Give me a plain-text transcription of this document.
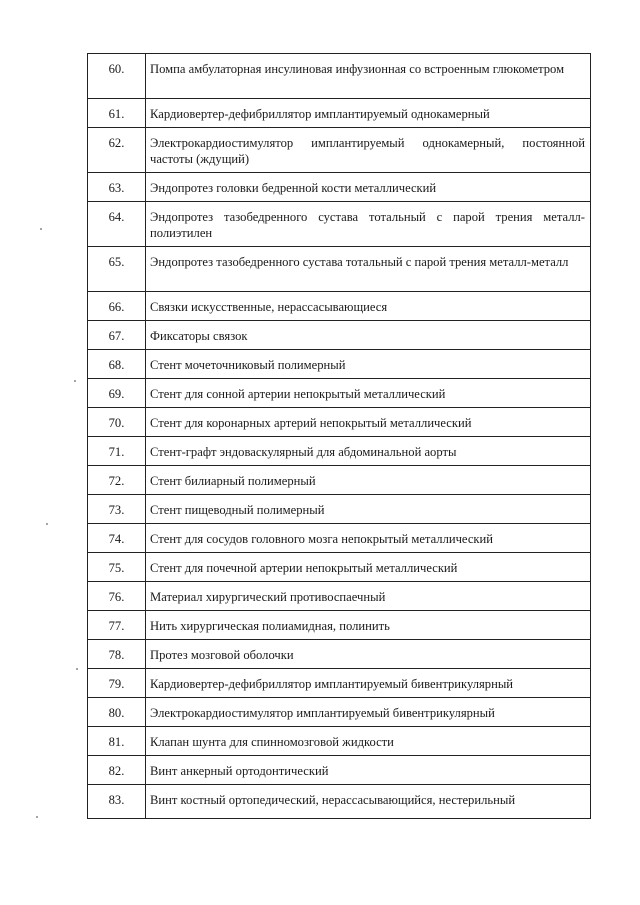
60.	Помпа амбулаторная инсулиновая инфузионная со встроенным глюкометром
61.	Кардиовертер-дефибриллятор имплантируемый однокамерный
62.	Электрокардиостимулятор имплантируемый однокамерный, постоянной частоты (ждущий)
63.	Эндопротез головки бедренной кости металлический
64.	Эндопротез тазобедренного сустава тотальный с парой трения металл-полиэтилен
65.	Эндопротез тазобедренного сустава тотальный с парой трения металл-металл
66.	Связки искусственные, нерассасывающиеся
67.	Фиксаторы связок
68.	Стент мочеточниковый полимерный
69.	Стент для сонной артерии непокрытый металлический
70.	Стент для коронарных артерий непокрытый металлический
71.	Стент-графт эндоваскулярный для абдоминальной аорты
72.	Стент билиарный полимерный
73.	Стент пищеводный полимерный
74.	Стент для сосудов головного мозга непокрытый металлический
75.	Стент для почечной артерии непокрытый металлический
76.	Материал хирургический противоспаечный
77.	Нить хирургическая полиамидная, полинить
78.	Протез мозговой оболочки
79.	Кардиовертер-дефибриллятор имплантируемый бивентрикулярный
80.	Электрокардиостимулятор имплантируемый бивентрикулярный
81.	Клапан шунта для спинномозговой жидкости
82.	Винт анкерный ортодонтический
83.	Винт костный ортопедический, нерассасывающийся, нестерильный
